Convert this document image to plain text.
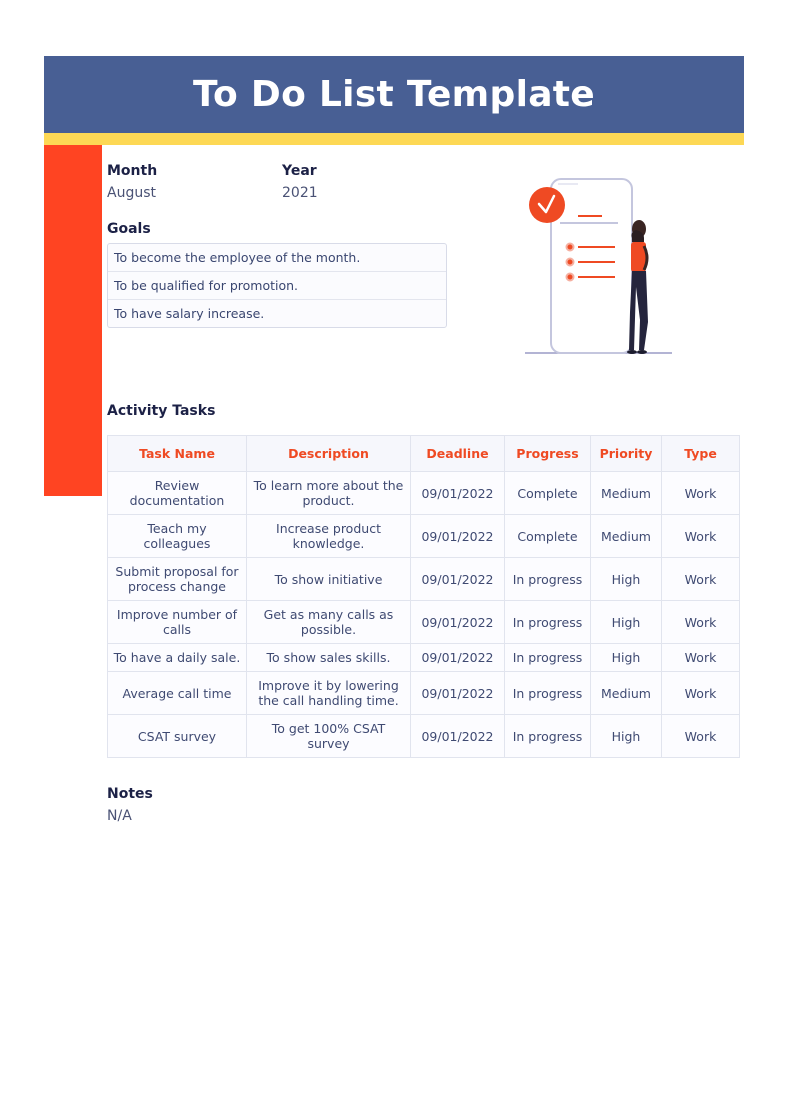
To Do List Template
Month
August
Year
2021
Goals
To become the employee of the month.
To be qualified for promotion.
To have salary increase.
Activity Tasks
Task Name	Description	Deadline	Progress	Priority	Type
Review documentation	To learn more about the product.	09/01/2022	Complete	Medium	Work
Teach my colleagues	Increase product knowledge.	09/01/2022	Complete	Medium	Work
Submit proposal for process change	To show initiative	09/01/2022	In progress	High	Work
Improve number of calls	Get as many calls as possible.	09/01/2022	In progress	High	Work
To have a daily sale.	To show sales skills.	09/01/2022	In progress	High	Work
Average call time	Improve it by lowering the call handling time.	09/01/2022	In progress	Medium	Work
CSAT survey	To get 100% CSAT survey	09/01/2022	In progress	High	Work
Notes
N/A
